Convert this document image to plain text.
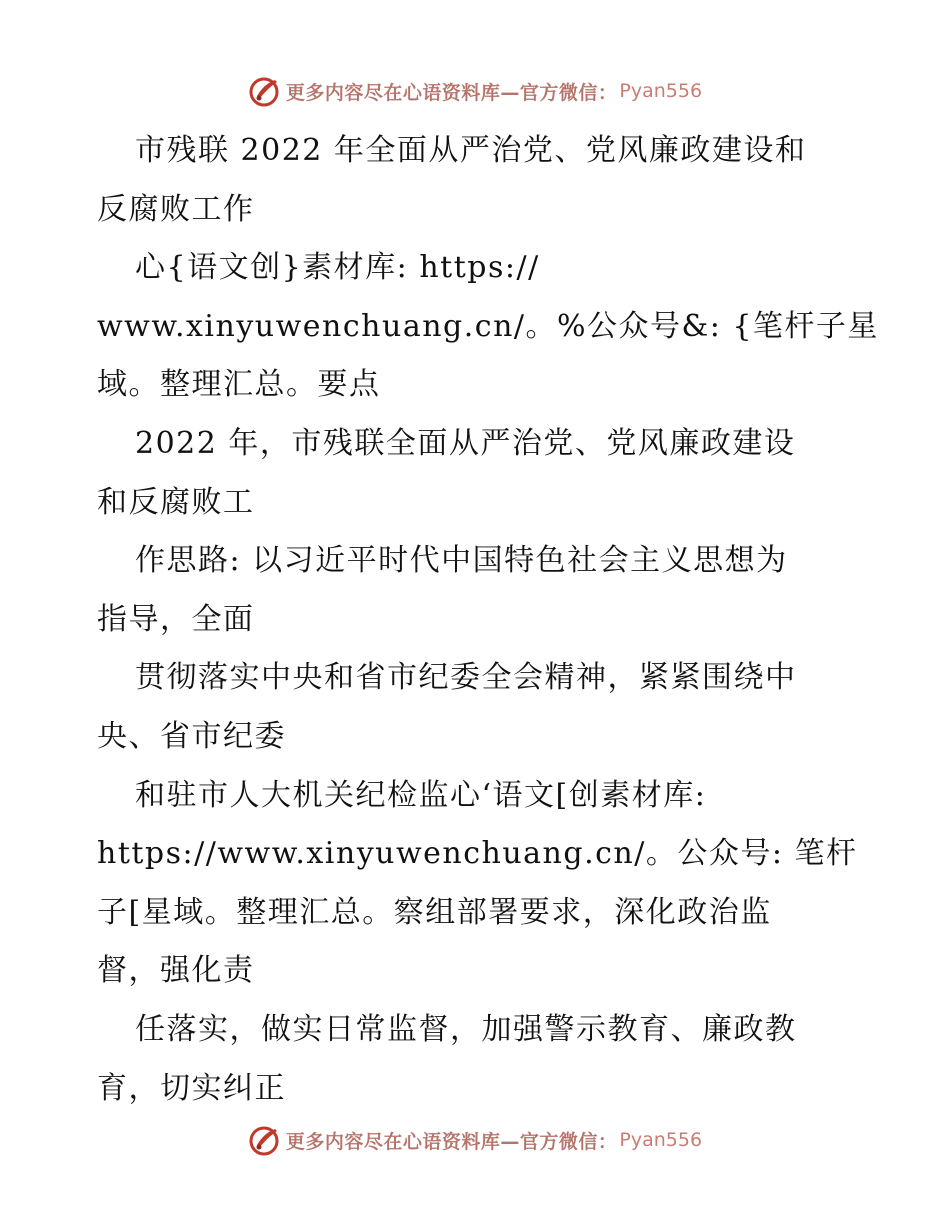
更多内容尽在心语资料库—官方微信： Pyan556
市残联 2022 年全面从严治党、党风廉政建设和
反腐败工作
心{语文创}素材库: https://
www.xinyuwenchuang.cn/。%公众号&: {笔杆子星
域。整理汇总。要点
2022 年，市残联全面从严治党、党风廉政建设
和反腐败工
作思路: 以习近平时代中国特色社会主义思想为
指导，全面
贯彻落实中央和省市纪委全会精神，紧紧围绕中
央、省市纪委
和驻市人大机关纪检监心‘语文[创素材库:
https://www.xinyuwenchuang.cn/。公众号: 笔杆
子[星域。整理汇总。察组部署要求，深化政治监
督，强化责
任落实，做实日常监督，加强警示教育、廉政教
育，切实纠正
更多内容尽在心语资料库—官方微信： Pyan556
